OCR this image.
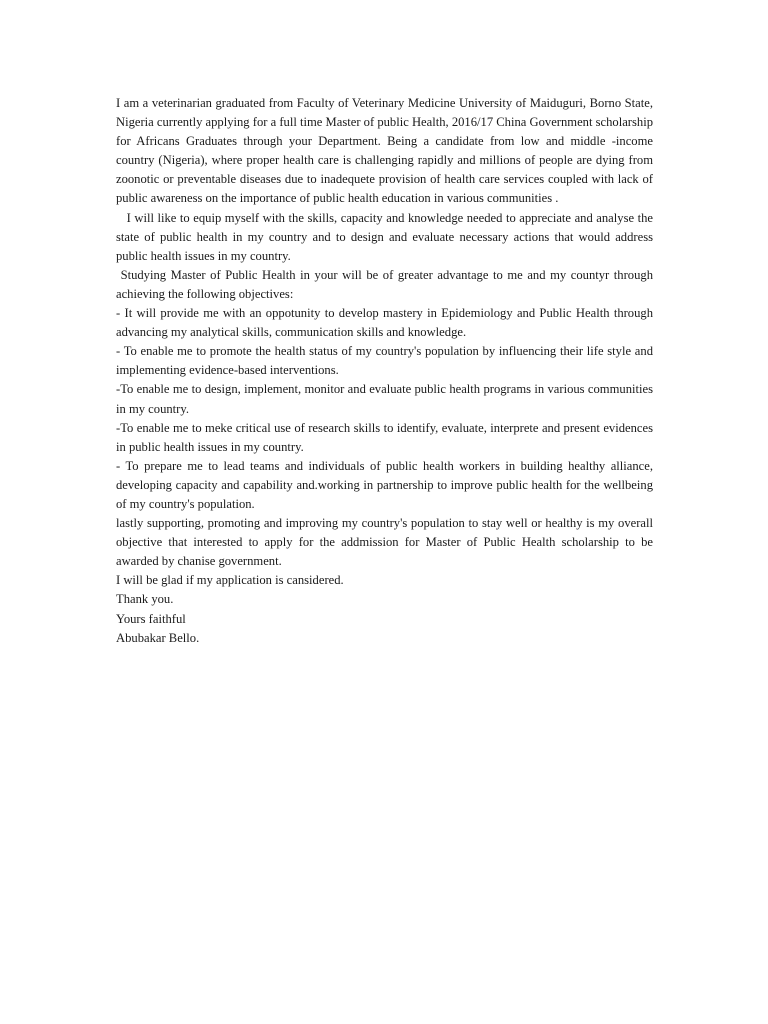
I am a veterinarian graduated from Faculty of Veterinary Medicine University of Maiduguri, Borno State, Nigeria currently applying for a full time Master of public Health, 2016/17 China Government scholarship for Africans Graduates through your Department. Being a candidate from low and middle -income country (Nigeria), where proper health care is challenging rapidly and millions of people are dying from zoonotic or preventable diseases due to inadequete provision of health care services coupled with lack of public awareness on the importance of public health education in various communities .

I will like to equip myself with the skills, capacity and knowledge needed to appreciate and analyse the state of public health in my country and to design and evaluate necessary actions that would address public health issues in my country.

Studying Master of Public Health in your will be of greater advantage to me and my countyr through achieving the following objectives:

- It will provide me with an oppotunity to develop mastery in Epidemiology and Public Health through advancing my analytical skills, communication skills and knowledge.

- To enable me to promote the health status of my country's population by influencing their life style and implementing evidence-based interventions.

-To enable me to design, implement, monitor and evaluate public health programs in various communities in my country.

-To enable me to meke critical use of research skills to identify, evaluate, interprete and present evidences in public health issues in my country.

- To prepare me to lead teams and individuals of public health workers in building healthy alliance, developing capacity and capability and.working in partnership to improve public health for the wellbeing of my country's population.

lastly supporting, promoting and improving my country's population to stay well or healthy is my overall objective that interested to apply for the addmission for Master of Public Health scholarship to be awarded by chanise government.

I will be glad if my application is cansidered.

Thank you.

Yours faithful

Abubakar Bello.
